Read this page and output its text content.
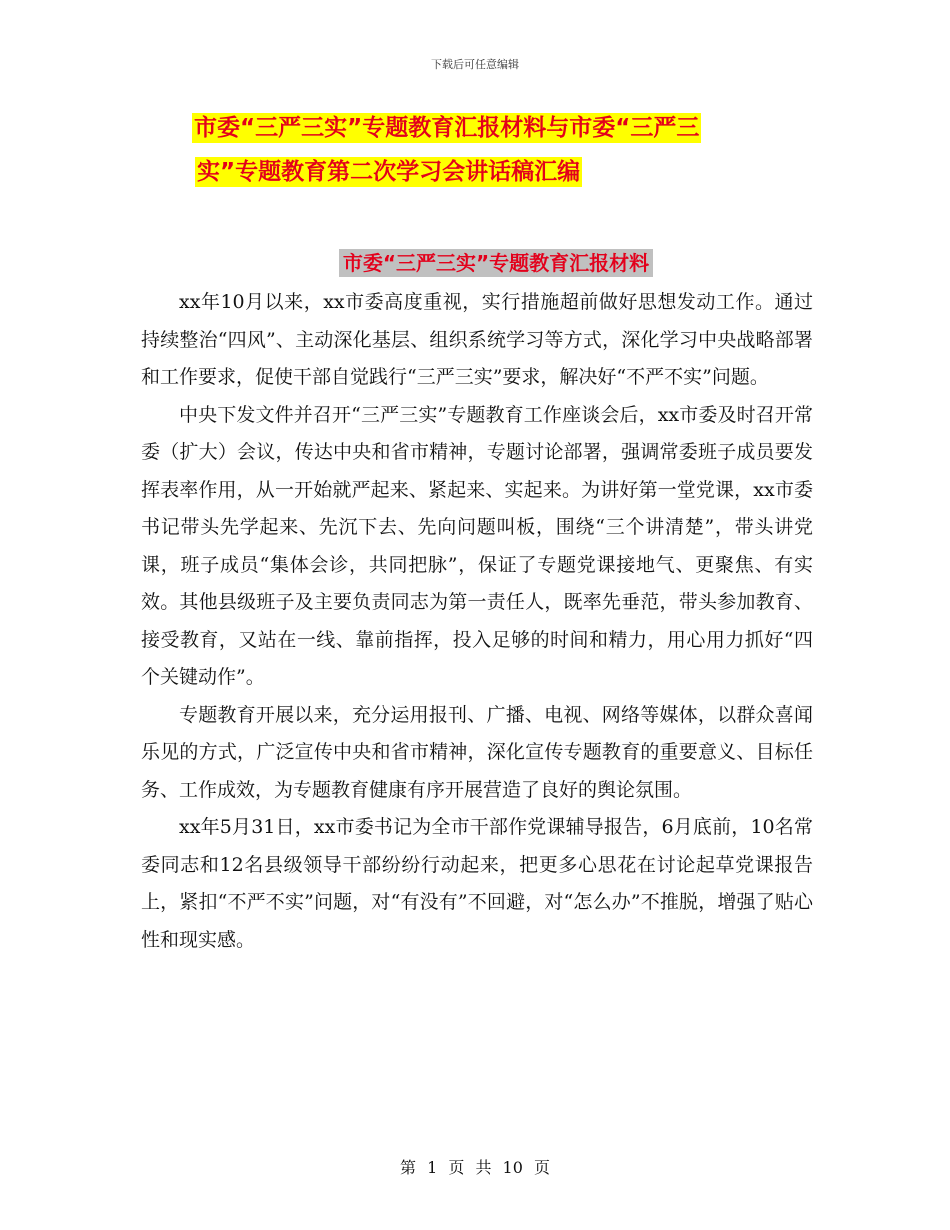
下载后可任意编辑
市委“三严三实”专题教育汇报材料与市委“三严三
实”专题教育第二次学习会讲话稿汇编
市委“三严三实”专题教育汇报材料

xx年10月以来，xx市委高度重视，实行措施超前做好思想发动工作。通过持续整治“四风”、主动深化基层、组织系统学习等方式，深化学习中央战略部署和工作要求，促使干部自觉践行“三严三实”要求，解决好“不严不实”问题。

中央下发文件并召开“三严三实”专题教育工作座谈会后，xx市委及时召开常委（扩大）会议，传达中央和省市精神，专题讨论部署，强调常委班子成员要发挥表率作用，从一开始就严起来、紧起来、实起来。为讲好第一堂党课，xx市委书记带头先学起来、先沉下去、先向问题叫板，围绕“三个讲清楚”，带头讲党课，班子成员“集体会诊，共同把脉”，保证了专题党课接地气、更聚焦、有实效。其他县级班子及主要负责同志为第一责任人，既率先垂范，带头参加教育、接受教育，又站在一线、靠前指挥，投入足够的时间和精力，用心用力抓好“四个关键动作”。

专题教育开展以来，充分运用报刊、广播、电视、网络等媒体，以群众喜闻乐见的方式，广泛宣传中央和省市精神，深化宣传专题教育的重要意义、目标任务、工作成效，为专题教育健康有序开展营造了良好的舆论氛围。

xx年5月31日，xx市委书记为全市干部作党课辅导报告，6月底前，10名常委同志和12名县级领导干部纷纷行动起来，把更多心思花在讨论起草党课报告上，紧扣“不严不实”问题，对“有没有”不回避，对“怎么办”不推脱，增强了贴心性和现实感。

第 1 页 共 10 页
